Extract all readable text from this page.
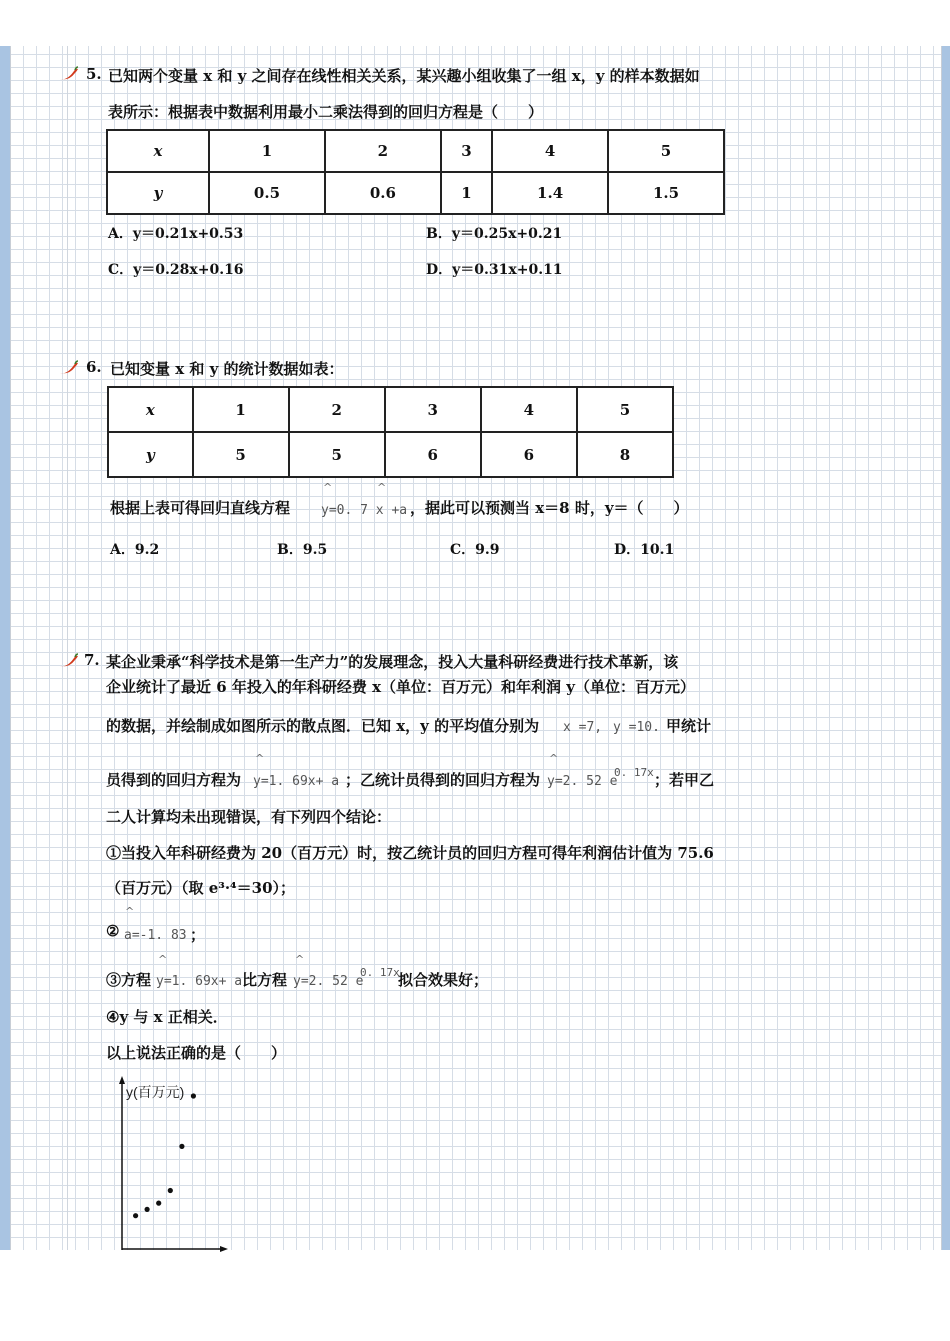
5. 已知两个变量 x 和 y 之间存在线性相关关系，某兴趣小组收集了一组 x，y 的样本数据如
表所示：根据表中数据利用最小二乘法得到的回归方程是（　　）
x	1	2	3	4	5
y	0.5	0.6	1	1.4	1.5
A．y＝0.21x+0.53	B．y＝0.25x+0.21
C．y＝0.28x+0.16	D．y＝0.31x+0.11
6. 已知变量 x 和 y 的统计数据如表：
x	1	2	3	4	5
y	5	5	6	6	8
根据上表可得回归直线方程 y=0. 7 x +a
^	^
，据此可以预测当 x＝8 时，y＝（　　）
A．9.2	B．9.5	C．9.9	D．10.1
7. 某企业秉承“科学技术是第一生产力”的发展理念，投入大量科研经费进行技术革新，该
企业统计了最近 6 年投入的年科研经费 x（单位：百万元）和年利润 y（单位：百万元）
的数据，并绘制成如图所示的散点图．已知 x，y 的平均值分别为 x =7, y =10. 甲统计
员得到的回归方程为
^
y=1. 69x+ a ；乙统计员得到的回归方程为
^
y=2. 52 e
0. 17x ；若甲乙
二人计算均未出现错误，有下列四个结论：
①当投入年科研经费为 20（百万元）时，按乙统计员的回归方程可得年利润估计值为 75.6
（百万元）（取 e³·⁴＝30）；
②
^
a=-1. 83 ；
③方程
^
y=1. 69x+ a 比方程
^
y=2. 52 e
0. 17x
拟合效果好；
④y 与 x 正相关．
以上说法正确的是（　　）
y(百万元)
